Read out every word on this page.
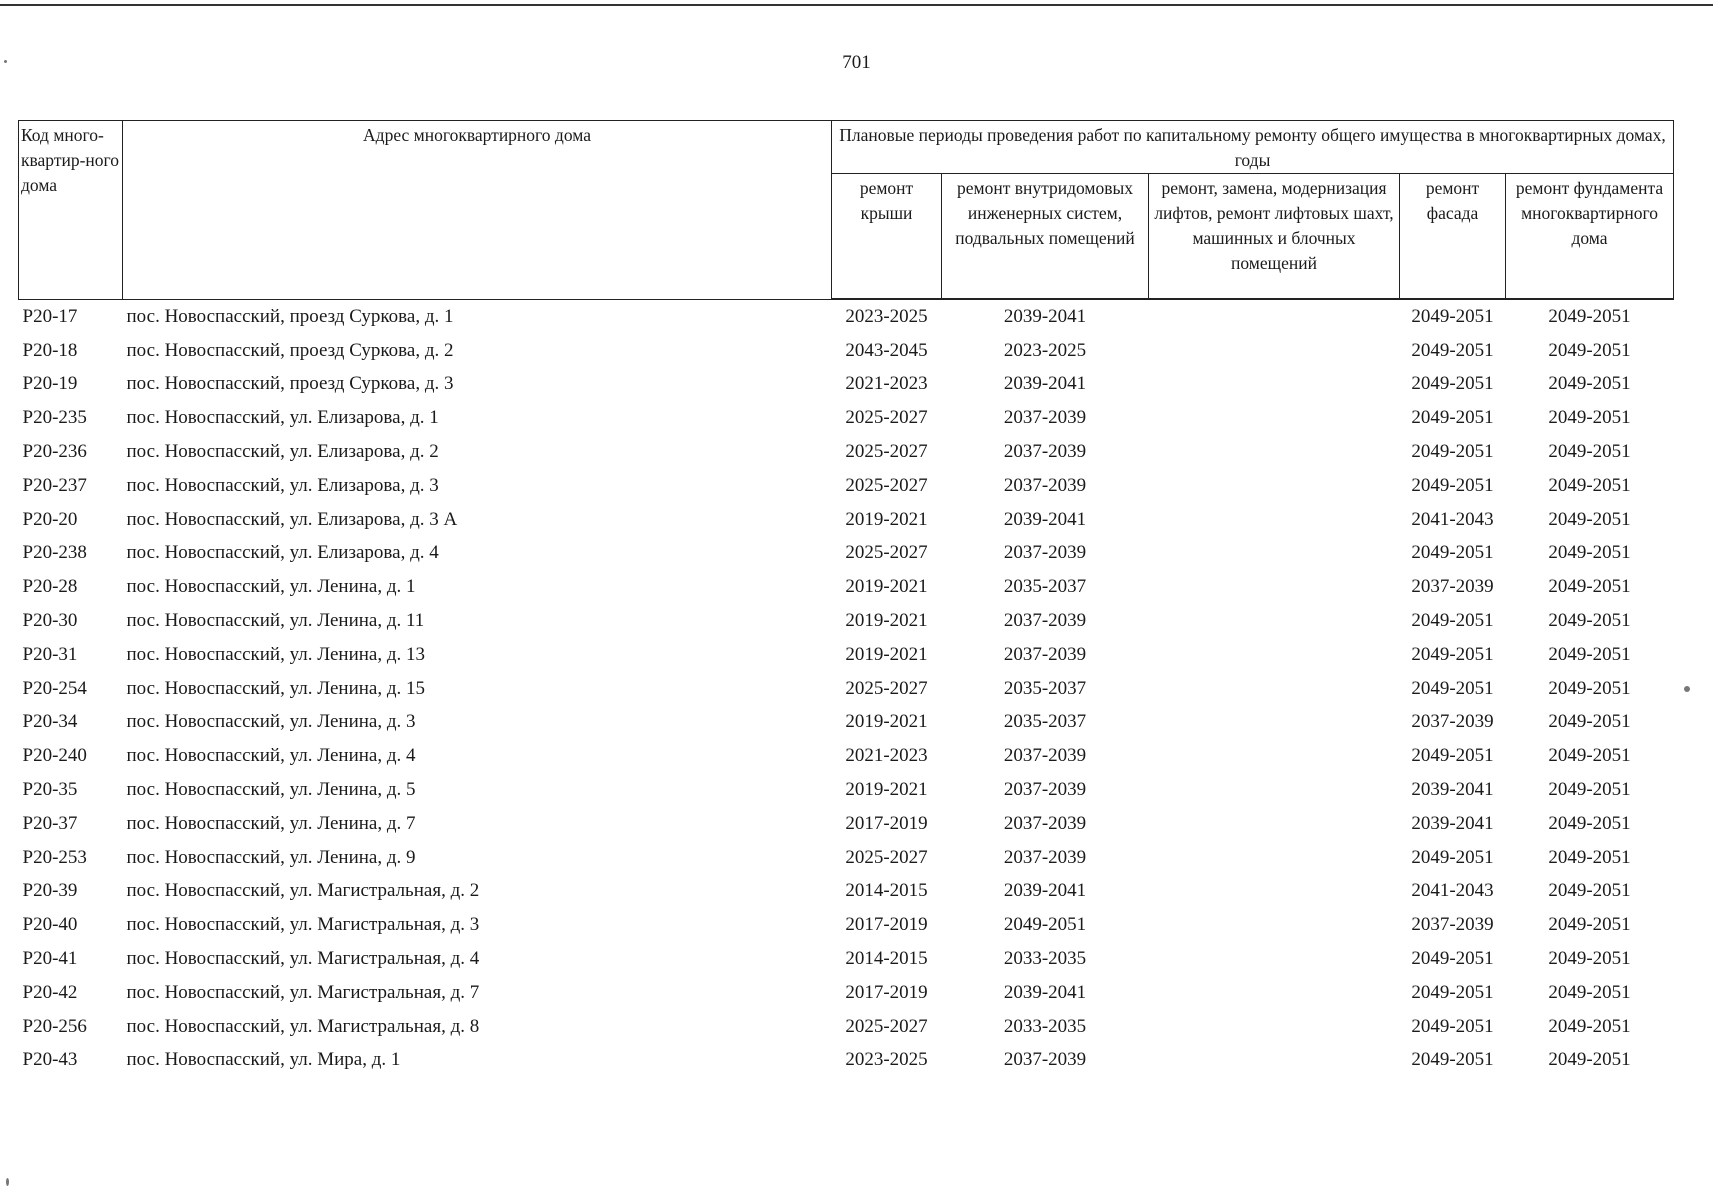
701
Код много-квартир-ного дома	Адрес многоквартирного дома	Плановые периоды проведения работ по капитальному ремонту общего имущества в многоквартирных домах, годы				
		ремонт крыши	ремонт внутридомовых инженерных систем, подвальных помещений	ремонт, замена, модернизация лифтов, ремонт лифтовых шахт, машинных и блочных помещений	ремонт фасада	ремонт фундамента многоквартирного дома
Р20-17	пос. Новоспасский, проезд Суркова, д. 1	2023-2025	2039-2041		2049-2051	2049-2051
Р20-18	пос. Новоспасский, проезд Суркова, д. 2	2043-2045	2023-2025		2049-2051	2049-2051
Р20-19	пос. Новоспасский, проезд Суркова, д. 3	2021-2023	2039-2041		2049-2051	2049-2051
Р20-235	пос. Новоспасский, ул. Елизарова, д. 1	2025-2027	2037-2039		2049-2051	2049-2051
Р20-236	пос. Новоспасский, ул. Елизарова, д. 2	2025-2027	2037-2039		2049-2051	2049-2051
Р20-237	пос. Новоспасский, ул. Елизарова, д. 3	2025-2027	2037-2039		2049-2051	2049-2051
Р20-20	пос. Новоспасский, ул. Елизарова, д. 3 А	2019-2021	2039-2041		2041-2043	2049-2051
Р20-238	пос. Новоспасский, ул. Елизарова, д. 4	2025-2027	2037-2039		2049-2051	2049-2051
Р20-28	пос. Новоспасский, ул. Ленина, д. 1	2019-2021	2035-2037		2037-2039	2049-2051
Р20-30	пос. Новоспасский, ул. Ленина, д. 11	2019-2021	2037-2039		2049-2051	2049-2051
Р20-31	пос. Новоспасский, ул. Ленина, д. 13	2019-2021	2037-2039		2049-2051	2049-2051
Р20-254	пос. Новоспасский, ул. Ленина, д. 15	2025-2027	2035-2037		2049-2051	2049-2051
Р20-34	пос. Новоспасский, ул. Ленина, д. 3	2019-2021	2035-2037		2037-2039	2049-2051
Р20-240	пос. Новоспасский, ул. Ленина, д. 4	2021-2023	2037-2039		2049-2051	2049-2051
Р20-35	пос. Новоспасский, ул. Ленина, д. 5	2019-2021	2037-2039		2039-2041	2049-2051
Р20-37	пос. Новоспасский, ул. Ленина, д. 7	2017-2019	2037-2039		2039-2041	2049-2051
Р20-253	пос. Новоспасский, ул. Ленина, д. 9	2025-2027	2037-2039		2049-2051	2049-2051
Р20-39	пос. Новоспасский, ул. Магистральная, д. 2	2014-2015	2039-2041		2041-2043	2049-2051
Р20-40	пос. Новоспасский, ул. Магистральная, д. 3	2017-2019	2049-2051		2037-2039	2049-2051
Р20-41	пос. Новоспасский, ул. Магистральная, д. 4	2014-2015	2033-2035		2049-2051	2049-2051
Р20-42	пос. Новоспасский, ул. Магистральная, д. 7	2017-2019	2039-2041		2049-2051	2049-2051
Р20-256	пос. Новоспасский, ул. Магистральная, д. 8	2025-2027	2033-2035		2049-2051	2049-2051
Р20-43	пос. Новоспасский, ул. Мира, д. 1	2023-2025	2037-2039		2049-2051	2049-2051
